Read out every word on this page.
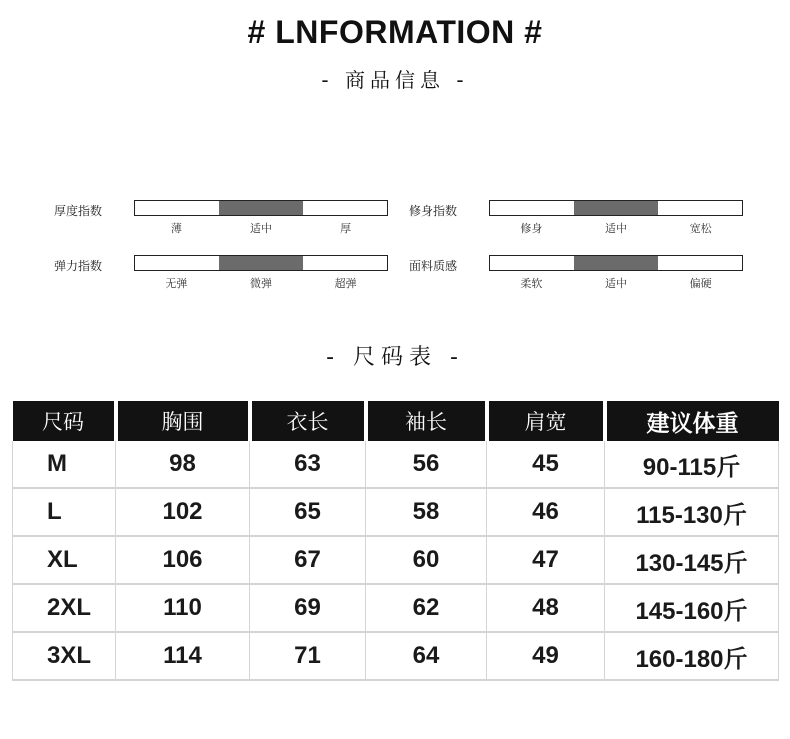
# LNFORMATION #
- 商品信息 -
厚度指数
薄	适中	厚
修身指数
修身	适中	宽松
弹力指数
无弹	微弹	超弹
面料质感
柔软	适中	偏硬
- 尺码表 -
尺码	胸围	衣长	袖长	肩宽	建议体重
M	98	63	56	45	90-115斤
L	102	65	58	46	115-130斤
XL	106	67	60	47	130-145斤
2XL	110	69	62	48	145-160斤
3XL	114	71	64	49	160-180斤
